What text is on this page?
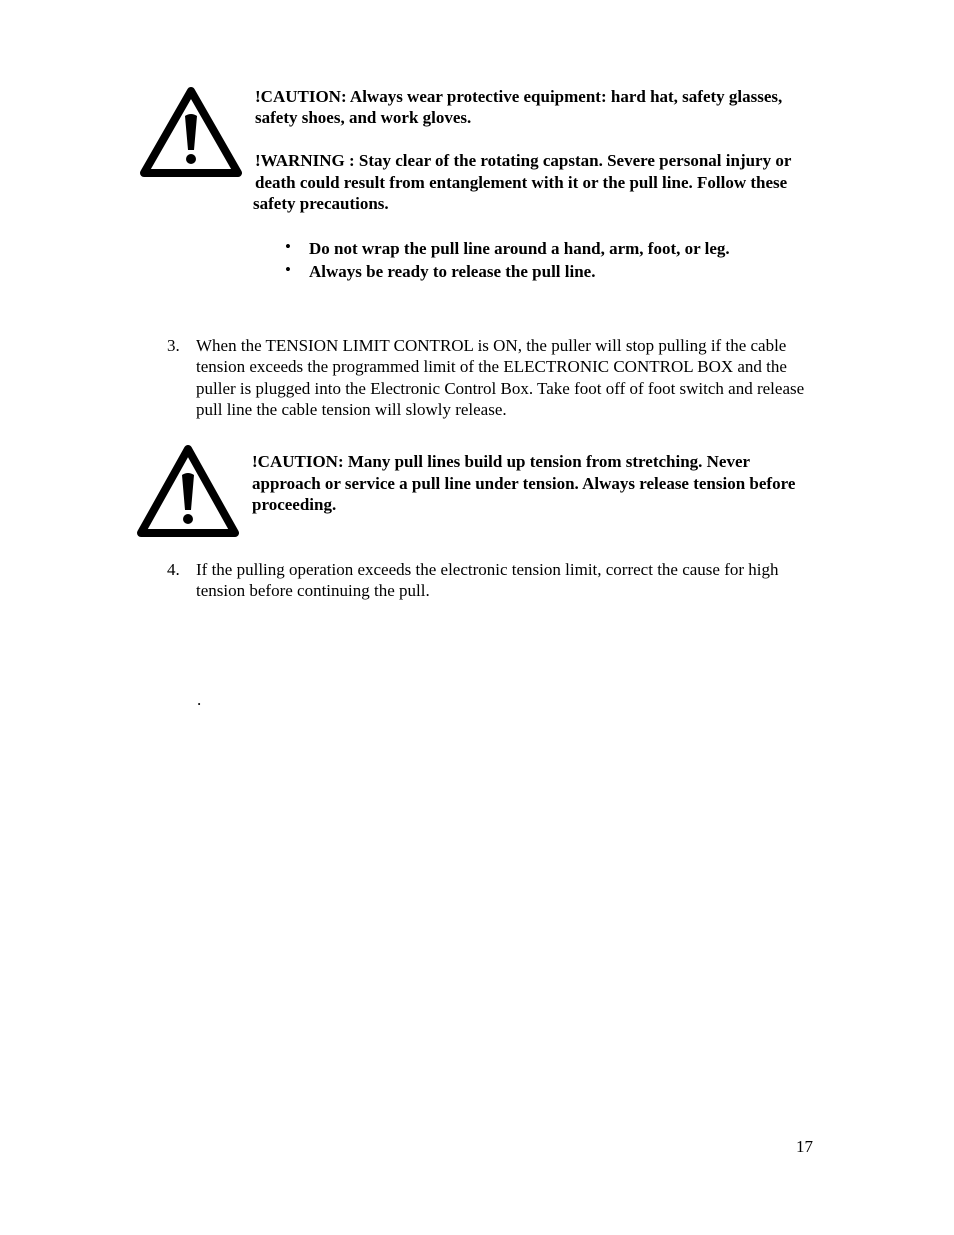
!CAUTION: Always wear protective equipment: hard hat, safety glasses,
safety shoes, and work gloves.
!WARNING : Stay clear of the rotating capstan. Severe personal injury or
death could result from entanglement with it or the pull line. Follow these
safety precautions.
• Do not wrap the pull line around a hand, arm, foot, or leg.
• Always be ready to release the pull line.
3. When the TENSION LIMIT CONTROL is ON, the puller will stop pulling if the cable
tension exceeds the programmed limit of the ELECTRONIC CONTROL BOX and the
puller is plugged into the Electronic Control Box. Take foot off of foot switch and release
pull line the cable tension will slowly release.
!CAUTION: Many pull lines build up tension from stretching. Never
approach or service a pull line under tension. Always release tension before
proceeding.
4. If the pulling operation exceeds the electronic tension limit, correct the cause for high
tension before continuing the pull.
.
17
